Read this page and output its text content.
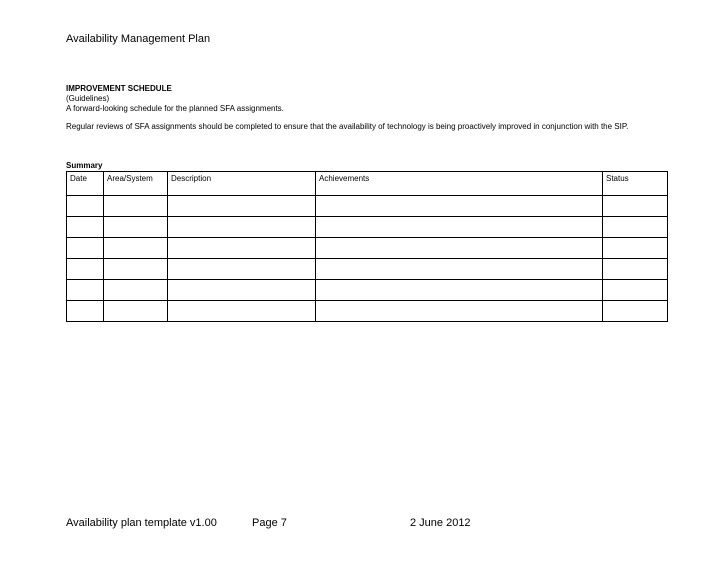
Availability Management Plan
IMPROVEMENT SCHEDULE
(Guidelines)
A forward-looking schedule for the planned SFA assignments.
Regular reviews of SFA assignments should be completed to ensure that the availability of technology is being proactively improved in conjunction with the SIP.
Summary
Date	Area/System	Description	Achievements	Status

Availability plan template v1.00	Page 7	2 June 2012
